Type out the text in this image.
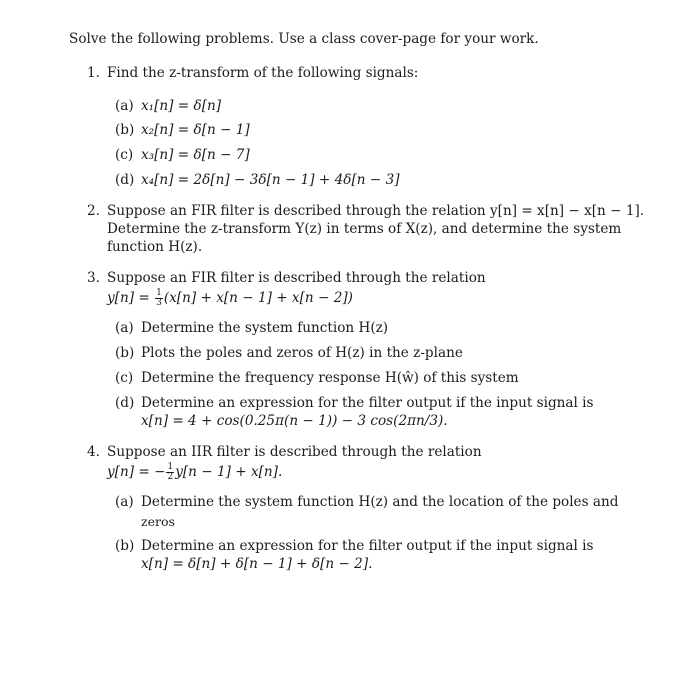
Solve the following problems. Use a class cover-page for your work.
1. Find the z-transform of the following signals:
(a) x₁[n] = δ[n]
(b) x₂[n] = δ[n − 1]
(c) x₃[n] = δ[n − 7]
(d) x₄[n] = 2δ[n] − 3δ[n − 1] + 4δ[n − 3]
2. Suppose an FIR filter is described through the relation y[n] = x[n] − x[n − 1].
Determine the z-transform Y(z) in terms of X(z), and determine the system
function H(z).
3. Suppose an FIR filter is described through the relation
$y[n] = \frac{1}{3} (x[n] + x[n - 1] + x[n - 2])$
(a) Determine the system function H(z)
(b) Plots the poles and zeros of H(z) in the z-plane
(c) Determine the frequency response H(ŵ) of this system
(d) Determine an expression for the filter output if the input signal is
x[n] = 4 + cos(0.25π(n − 1)) − 3 cos(2πn/3).
4. Suppose an IIR filter is described through the relation
y[n] = − $\frac{1}{2} y[n - 1] + x[n]$.
(a) Determine the system function H(z) and the location of the poles and
zeros
(b) Determine an expression for the filter output if the input signal is
x[n] = δ[n] + δ[n − 1] + δ[n − 2].
